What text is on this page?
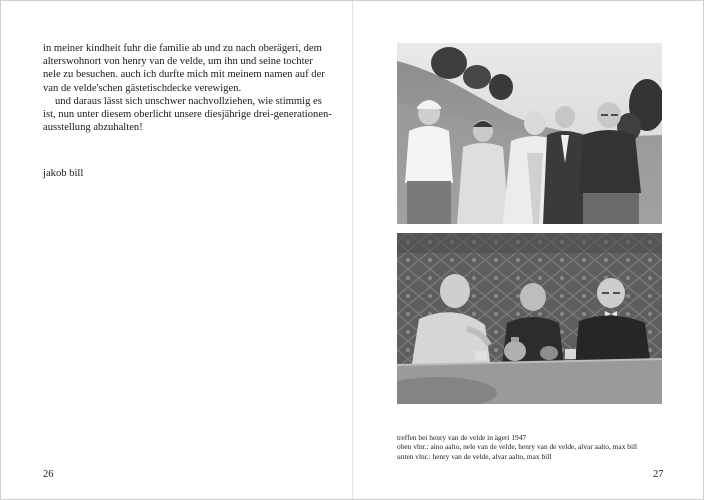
in meiner kindheit fuhr die familie ab und zu nach oberägeri, dem alterswohnort von henry van de velde, um ihn und seine tochter nele zu besuchen. auch ich durfte mich mit meinem namen auf der van de velde'schen gästetischdecke verewigen.

und daraus lässt sich unschwer nachvollziehen, wie stimmig es ist, nun unter diesem oberlicht unsere diesjährige drei-generationen-ausstellung abzuhalten!

jakob bill
26
treffen bei henry van de velde in ägeri 1947
oben vlnr.: aino aalto, nele van de velde, henry van de velde, alvar aalto, max bill
unten vlnr.: henry van de velde, alvar aalto, max bill
27
